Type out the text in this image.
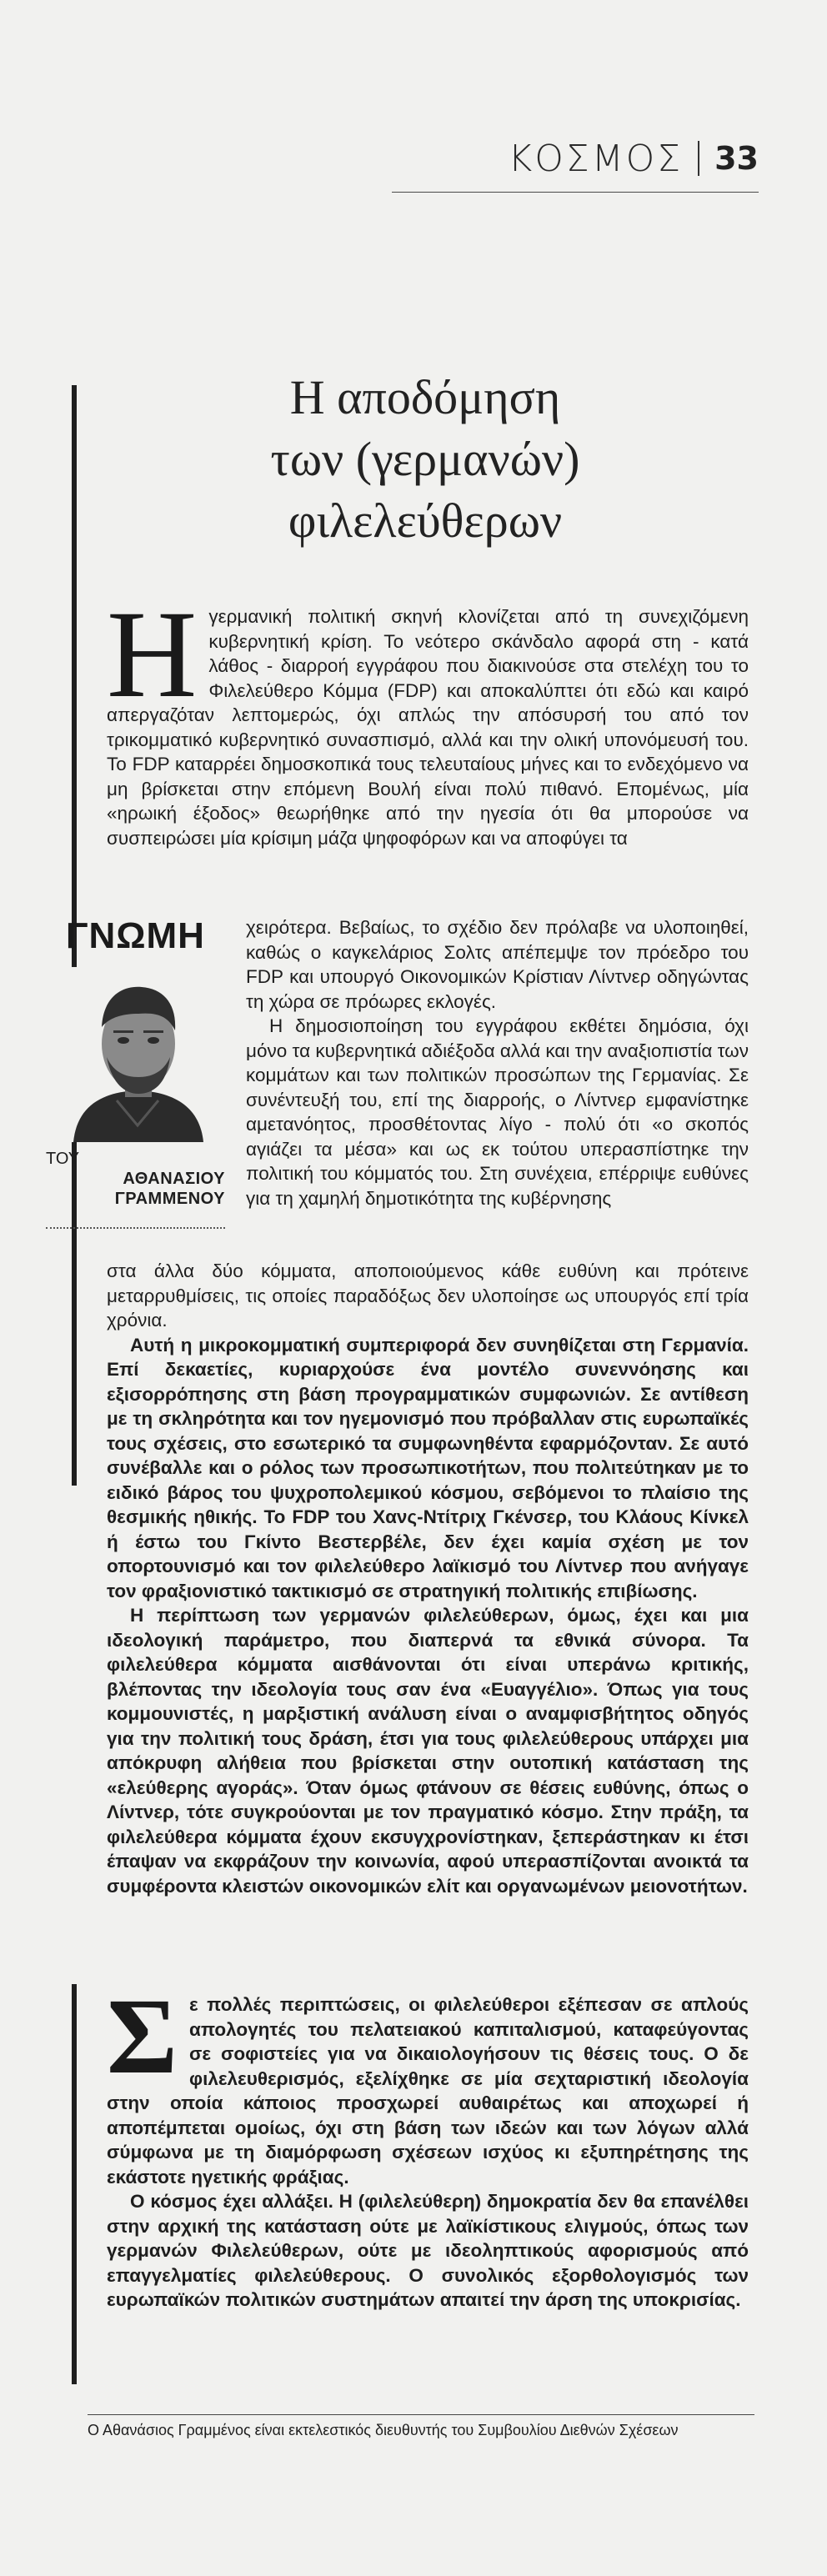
ΚΟΣΜΟΣ 33
Η αποδόμηση
των (γερμανών)
φιλελεύθερων
Η γερμανική πολιτική σκηνή κλονίζεται από τη συνεχιζόμενη κυβερνητική κρίση. Το νεότερο σκάνδαλο αφορά στη - κατά λάθος - διαρροή εγγράφου που διακινούσε στα στελέχη του το Φιλελεύθερο Κόμμα (FDP) και αποκαλύπτει ότι εδώ και καιρό απεργαζόταν λεπτομερώς, όχι απλώς την απόσυρσή του από τον τρικομματικό κυβερνητικό συνασπισμό, αλλά και την ολική υπονόμευσή του. Το FDP καταρρέει δημοσκοπικά τους τελευταίους μήνες και το ενδεχόμενο να μη βρίσκεται στην επόμενη Βουλή είναι πολύ πιθανό. Επομένως, μία «ηρωική έξοδος» θεωρήθηκε από την ηγεσία ότι θα μπορούσε να συσπειρώσει μία κρίσιμη μάζα ψηφοφόρων και να αποφύγει τα

ΓΝΩΜΗ
ΤΟΥ
ΑΘΑΝΑΣΙΟΥ
ΓΡΑΜΜΕΝΟΥ

χειρότερα. Βεβαίως, το σχέδιο δεν πρόλαβε να υλοποιηθεί, καθώς ο καγκελάριος Σολτς απέπεμψε τον πρόεδρο του FDP και υπουργό Οικονομικών Κρίστιαν Λίντνερ οδηγώντας τη χώρα σε πρόωρες εκλογές.

Η δημοσιοποίηση του εγγράφου εκθέτει δημόσια, όχι μόνο τα κυβερνητικά αδιέξοδα αλλά και την αναξιοπιστία των κομμάτων και των πολιτικών προσώπων της Γερμανίας. Σε συνέντευξή του, επί της διαρροής, ο Λίντνερ εμφανίστηκε αμετανόητος, προσθέτοντας λίγο - πολύ ότι «ο σκοπός αγιάζει τα μέσα» και ως εκ τούτου υπερασπίστηκε την πολιτική του κόμματός του. Στη συνέχεια, επέρριψε ευθύνες για τη χαμηλή δημοτικότητα της κυβέρνησης

στα άλλα δύο κόμματα, αποποιούμενος κάθε ευθύνη και πρότεινε μεταρρυθμίσεις, τις οποίες παραδόξως δεν υλοποίησε ως υπουργός επί τρία χρόνια.

Αυτή η μικροκομματική συμπεριφορά δεν συνηθίζεται στη Γερμανία. Επί δεκαετίες, κυριαρχούσε ένα μοντέλο συνεννόησης και εξισορρόπησης στη βάση προγραμματικών συμφωνιών. Σε αντίθεση με τη σκληρότητα και τον ηγεμονισμό που πρόβαλλαν στις ευρωπαϊκές τους σχέσεις, στο εσωτερικό τα συμφωνηθέντα εφαρμόζονταν. Σε αυτό συνέβαλλε και ο ρόλος των προσωπικοτήτων, που πολιτεύτηκαν με το ειδικό βάρος του ψυχροπολεμικού κόσμου, σεβόμενοι το πλαίσιο της θεσμικής ηθικής. Το FDP του Χανς-Ντίτριχ Γκένσερ, του Κλάους Κίνκελ ή έστω του Γκίντο Βεστερβέλε, δεν έχει καμία σχέση με τον οπορτουνισμό και τον φιλελεύθερο λαϊκισμό του Λίντνερ που ανήγαγε τον φραξιονιστικό τακτικισμό σε στρατηγική πολιτικής επιβίωσης.

Η περίπτωση των γερμανών φιλελεύθερων, όμως, έχει και μια ιδεολογική παράμετρο, που διαπερνά τα εθνικά σύνορα. Τα φιλελεύθερα κόμματα αισθάνονται ότι είναι υπεράνω κριτικής, βλέποντας την ιδεολογία τους σαν ένα «Ευαγγέλιο». Όπως για τους κομμουνιστές, η μαρξιστική ανάλυση είναι ο αναμφισβήτητος οδηγός για την πολιτική τους δράση, έτσι για τους φιλελεύθερους υπάρχει μια απόκρυφη αλήθεια που βρίσκεται στην ουτοπική κατάσταση της «ελεύθερης αγοράς». Όταν όμως φτάνουν σε θέσεις ευθύνης, όπως ο Λίντνερ, τότε συγκρούονται με τον πραγματικό κόσμο. Στην πράξη, τα φιλελεύθερα κόμματα έχουν εκσυγχρονίστηκαν, ξεπεράστηκαν κι έτσι έπαψαν να εκφράζουν την κοινωνία, αφού υπερασπίζονται ανοικτά τα συμφέροντα κλειστών οικονομικών ελίτ και οργανωμένων μειονοτήτων.

Σ ε πολλές περιπτώσεις, οι φιλελεύθεροι εξέπεσαν σε απλούς απολογητές του πελατειακού καπιταλισμού, καταφεύγοντας σε σοφιστείες για να δικαιολογήσουν τις θέσεις τους. Ο δε φιλελευθερισμός, εξελίχθηκε σε μία σεχταριστική ιδεολογία στην οποία κάποιος προσχωρεί αυθαιρέτως και αποχωρεί ή αποπέμπεται ομοίως, όχι στη βάση των ιδεών και των λόγων αλλά σύμφωνα με τη διαμόρφωση σχέσεων ισχύος κι εξυπηρέτησης της εκάστοτε ηγετικής φράξιας.

Ο κόσμος έχει αλλάξει. Η (φιλελεύθερη) δημοκρατία δεν θα επανέλθει στην αρχική της κατάσταση ούτε με λαϊκίστικους ελιγμούς, όπως των γερμανών Φιλελεύθερων, ούτε με ιδεοληπτικούς αφορισμούς από επαγγελματίες φιλελεύθερους. Ο συνολικός εξορθολογισμός των ευρωπαϊκών πολιτικών συστημάτων απαιτεί την άρση της υποκρισίας.

Ο Αθανάσιος Γραμμένος είναι εκτελεστικός διευθυντής του Συμβουλίου Διεθνών Σχέσεων
